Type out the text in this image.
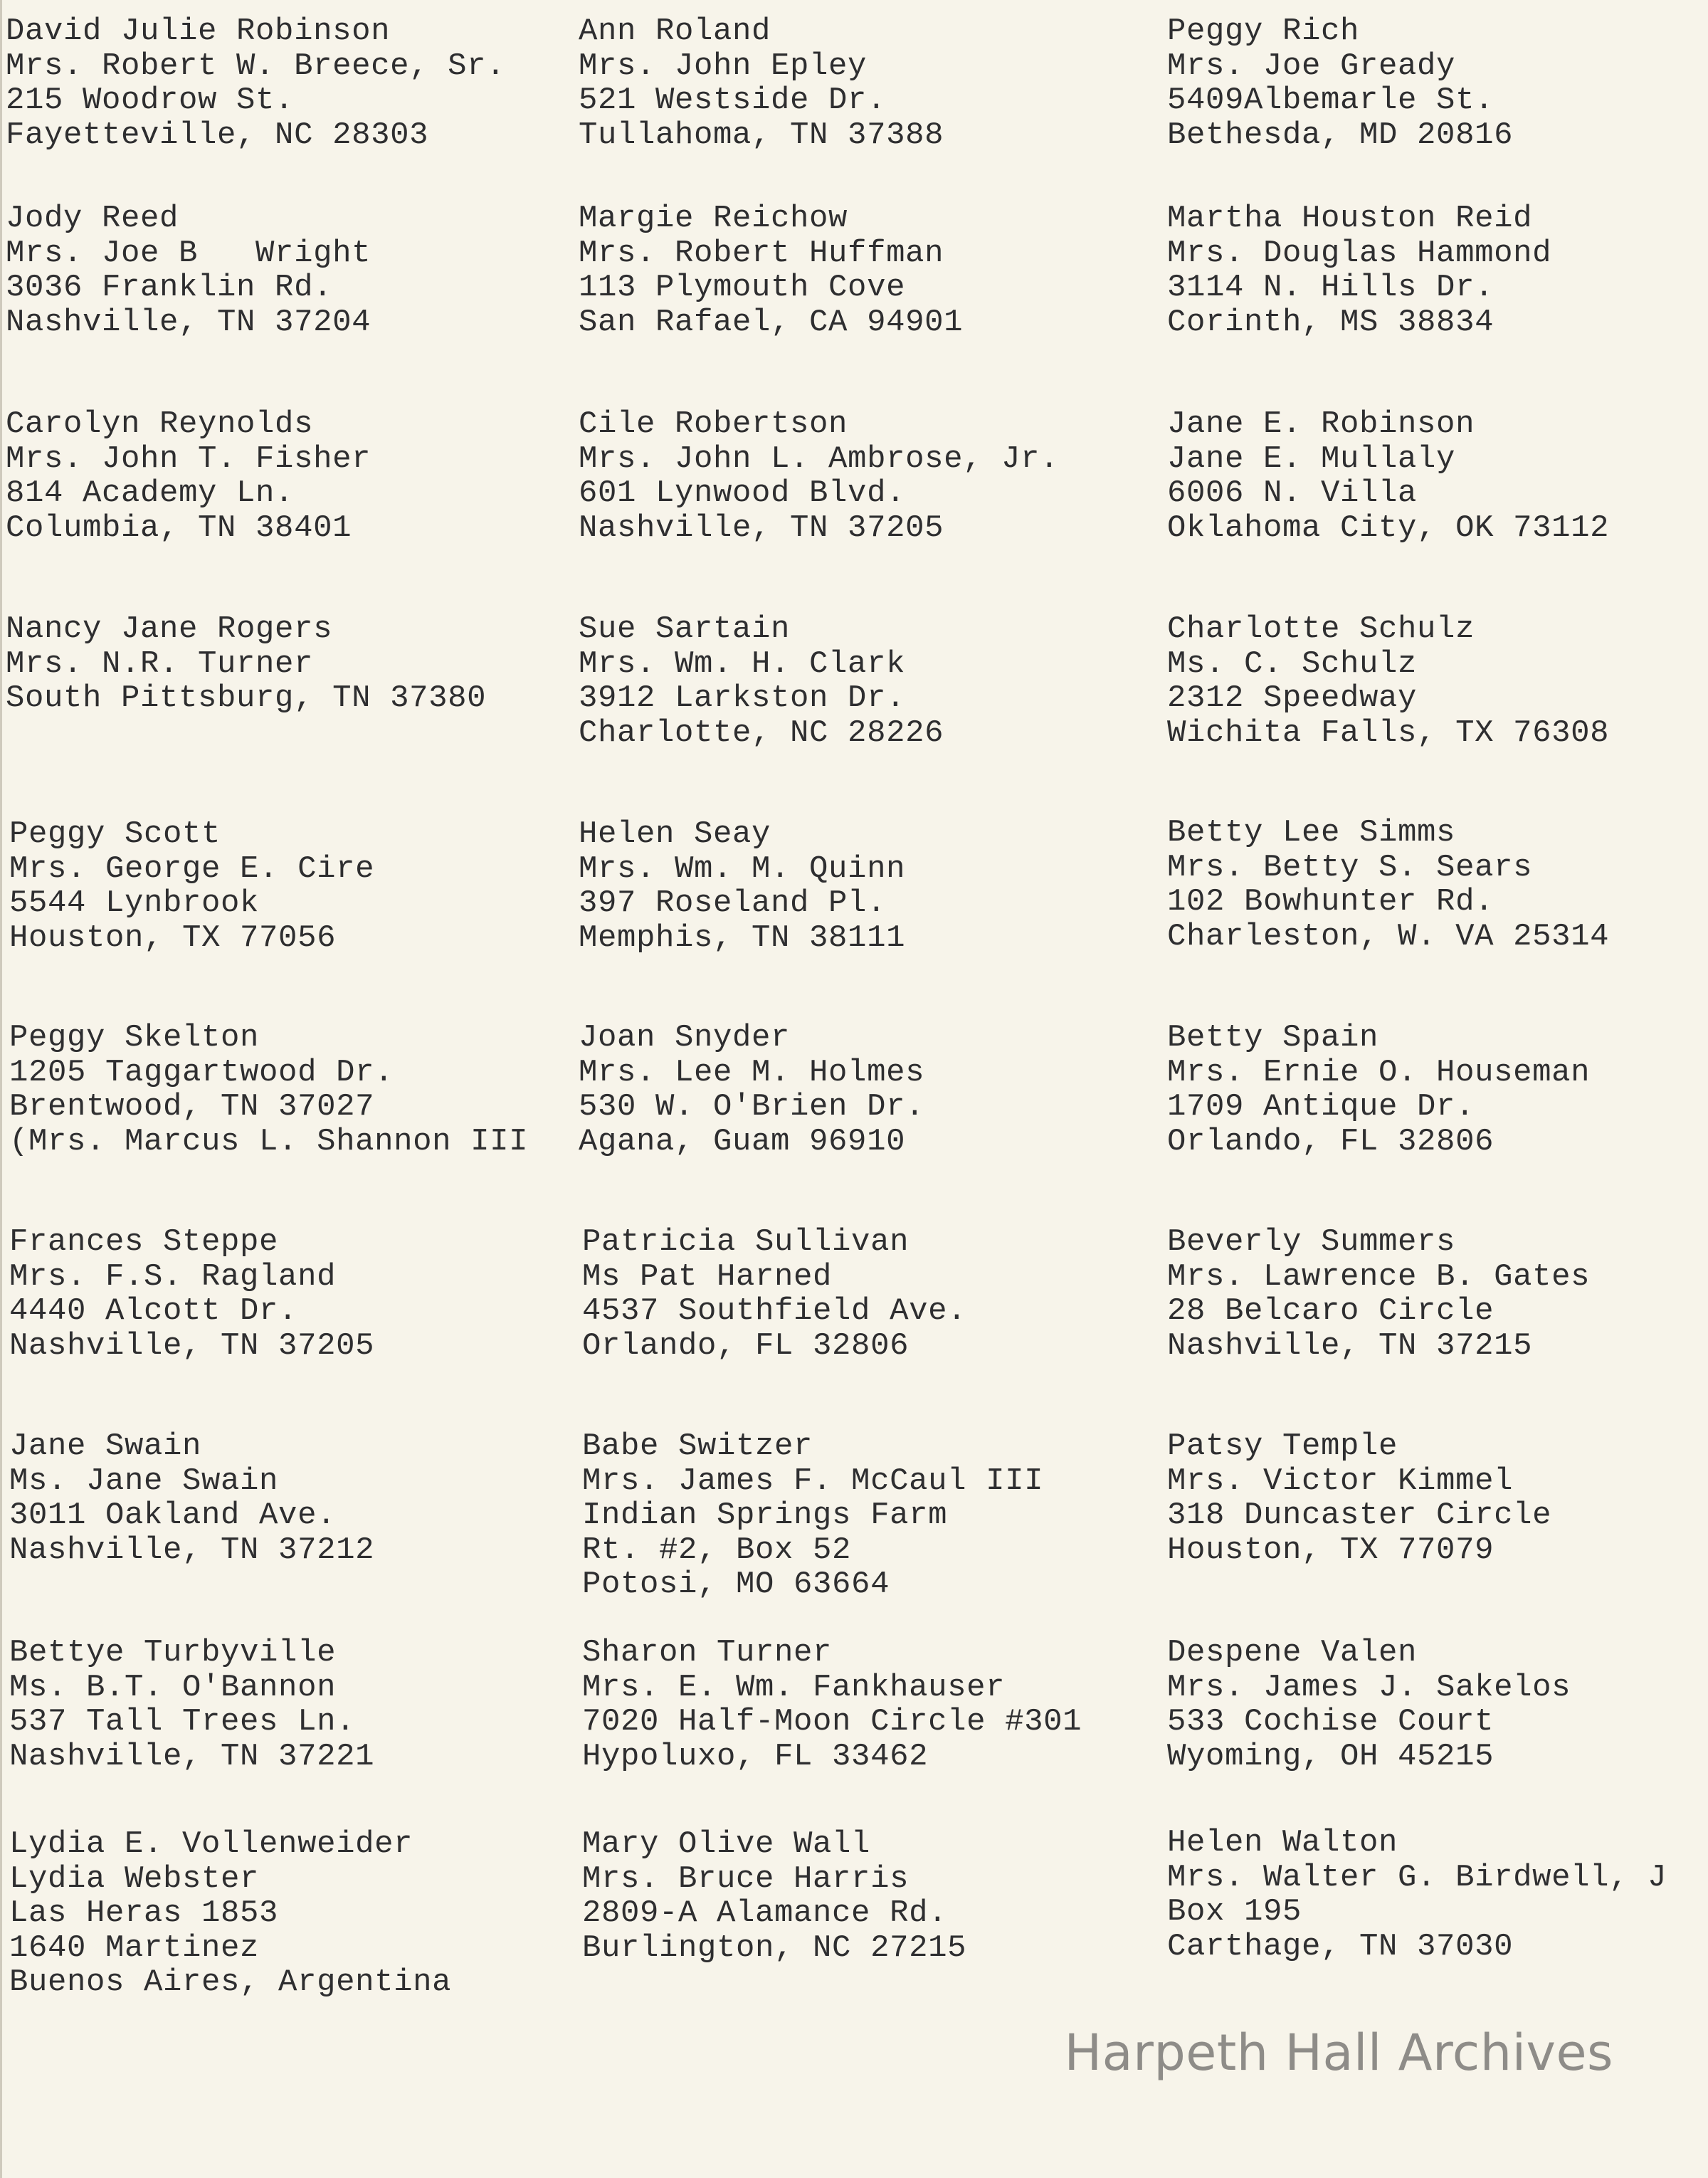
David Julie Robinson
Mrs. Robert W. Breece, Sr.
215 Woodrow St.
Fayetteville, NC 28303
Ann Roland
Mrs. John Epley
521 Westside Dr.
Tullahoma, TN 37388
Peggy Rich
Mrs. Joe Gready
5409Albemarle St.
Bethesda, MD 20816
Jody Reed
Mrs. Joe B   Wright
3036 Franklin Rd.
Nashville, TN 37204
Margie Reichow
Mrs. Robert Huffman
113 Plymouth Cove
San Rafael, CA 94901
Martha Houston Reid
Mrs. Douglas Hammond
3114 N. Hills Dr.
Corinth, MS 38834
Carolyn Reynolds
Mrs. John T. Fisher
814 Academy Ln.
Columbia, TN 38401
Cile Robertson
Mrs. John L. Ambrose, Jr.
601 Lynwood Blvd.
Nashville, TN 37205
Jane E. Robinson
Jane E. Mullaly
6006 N. Villa
Oklahoma City, OK 73112
Nancy Jane Rogers
Mrs. N.R. Turner
South Pittsburg, TN 37380
Sue Sartain
Mrs. Wm. H. Clark
3912 Larkston Dr.
Charlotte, NC 28226
Charlotte Schulz
Ms. C. Schulz
2312 Speedway
Wichita Falls, TX 76308
Peggy Scott
Mrs. George E. Cire
5544 Lynbrook
Houston, TX 77056
Helen Seay
Mrs. Wm. M. Quinn
397 Roseland Pl.
Memphis, TN 38111
Betty Lee Simms
Mrs. Betty S. Sears
102 Bowhunter Rd.
Charleston, W. VA 25314
Peggy Skelton
1205 Taggartwood Dr.
Brentwood, TN 37027
(Mrs. Marcus L. Shannon III
Joan Snyder
Mrs. Lee M. Holmes
530 W. O'Brien Dr.
Agana, Guam 96910
Betty Spain
Mrs. Ernie O. Houseman
1709 Antique Dr.
Orlando, FL 32806
Frances Steppe
Mrs. F.S. Ragland
4440 Alcott Dr.
Nashville, TN 37205
Patricia Sullivan
Ms Pat Harned
4537 Southfield Ave.
Orlando, FL 32806
Beverly Summers
Mrs. Lawrence B. Gates
28 Belcaro Circle
Nashville, TN 37215
Jane Swain
Ms. Jane Swain
3011 Oakland Ave.
Nashville, TN 37212
Babe Switzer
Mrs. James F. McCaul III
Indian Springs Farm
Rt. #2, Box 52
Potosi, MO 63664
Patsy Temple
Mrs. Victor Kimmel
318 Duncaster Circle
Houston, TX 77079
Bettye Turbyville
Ms. B.T. O'Bannon
537 Tall Trees Ln.
Nashville, TN 37221
Sharon Turner
Mrs. E. Wm. Fankhauser
7020 Half-Moon Circle #301
Hypoluxo, FL 33462
Despene Valen
Mrs. James J. Sakelos
533 Cochise Court
Wyoming, OH 45215
Lydia E. Vollenweider
Lydia Webster
Las Heras 1853
1640 Martinez
Buenos Aires, Argentina
Mary Olive Wall
Mrs. Bruce Harris
2809-A Alamance Rd.
Burlington, NC 27215
Helen Walton
Mrs. Walter G. Birdwell, J
Box 195
Carthage, TN 37030
Harpeth Hall Archives
